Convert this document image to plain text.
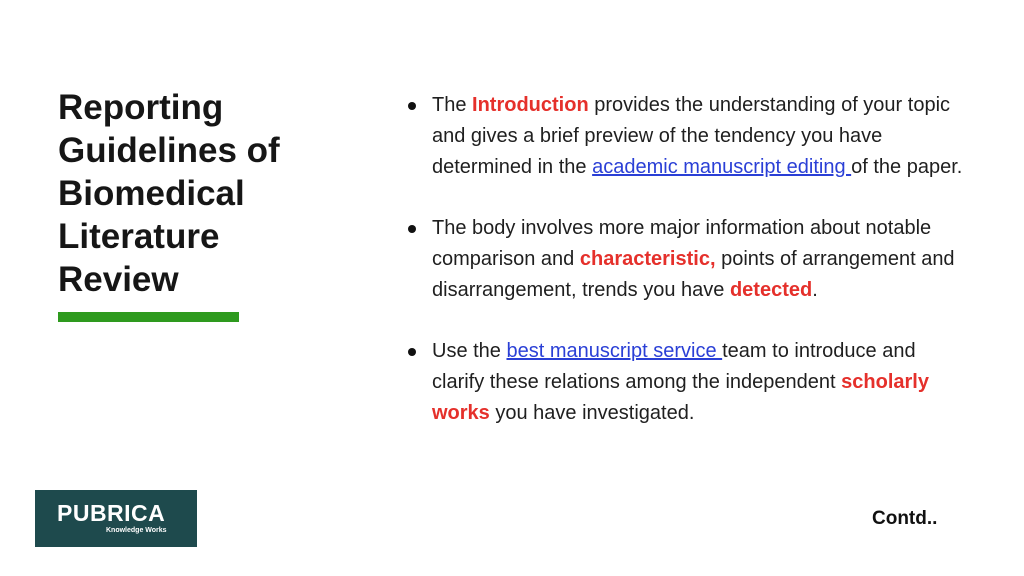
Reporting
Guidelines of
Biomedical
Literature
Review
The Introduction provides the understanding of your topic and gives a brief preview of the tendency you have determined in the academic manuscript editing of the paper.
The body involves more major information about notable comparison and characteristic, points of arrangement and disarrangement, trends you have detected.
Use the best manuscript service team to introduce and clarify these relations among the independent scholarly works you have investigated.
Contd..
PUBRICA
Knowledge Works
